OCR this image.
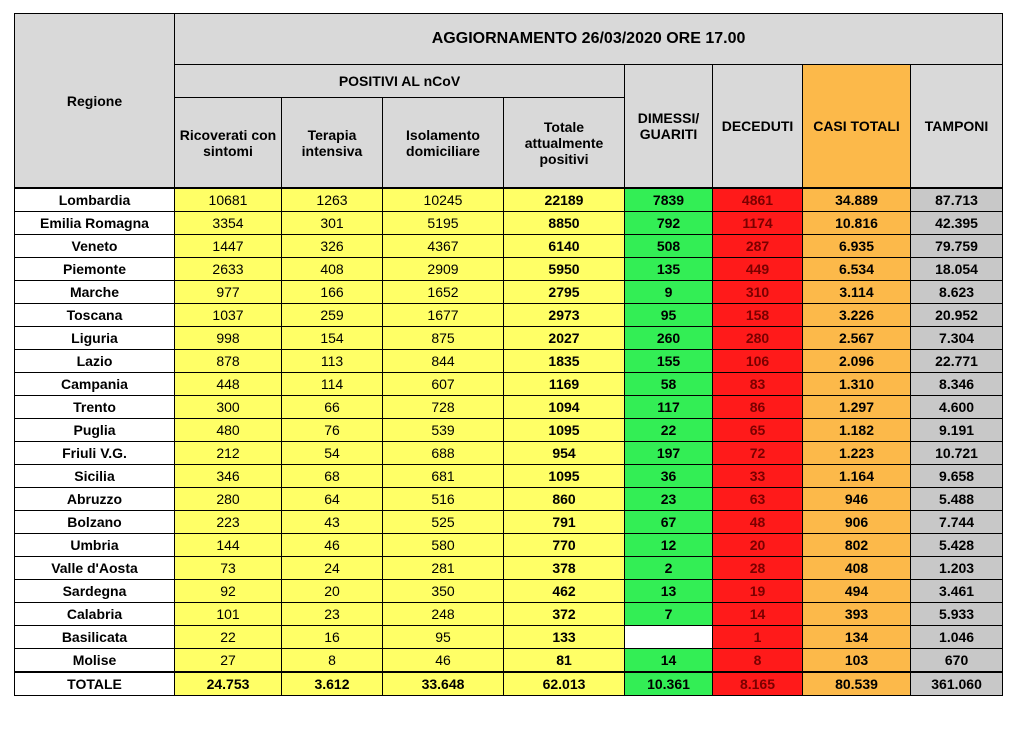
Regione	AGGIORNAMENTO 26/03/2020 ORE 17.00							
	POSITIVI AL nCoV				DIMESSI/ GUARITI	DECEDUTI	CASI TOTALI	TAMPONI
	Ricoverati con sintomi	Terapia intensiva	Isolamento domiciliare	Totale attualmente positivi				
Lombardia	10681	1263	10245	22189	7839	4861	34.889	87.713
Emilia Romagna	3354	301	5195	8850	792	1174	10.816	42.395
Veneto	1447	326	4367	6140	508	287	6.935	79.759
Piemonte	2633	408	2909	5950	135	449	6.534	18.054
Marche	977	166	1652	2795	9	310	3.114	8.623
Toscana	1037	259	1677	2973	95	158	3.226	20.952
Liguria	998	154	875	2027	260	280	2.567	7.304
Lazio	878	113	844	1835	155	106	2.096	22.771
Campania	448	114	607	1169	58	83	1.310	8.346
Trento	300	66	728	1094	117	86	1.297	4.600
Puglia	480	76	539	1095	22	65	1.182	9.191
Friuli V.G.	212	54	688	954	197	72	1.223	10.721
Sicilia	346	68	681	1095	36	33	1.164	9.658
Abruzzo	280	64	516	860	23	63	946	5.488
Bolzano	223	43	525	791	67	48	906	7.744
Umbria	144	46	580	770	12	20	802	5.428
Valle d'Aosta	73	24	281	378	2	28	408	1.203
Sardegna	92	20	350	462	13	19	494	3.461
Calabria	101	23	248	372	7	14	393	5.933
Basilicata	22	16	95	133		1	134	1.046
Molise	27	8	46	81	14	8	103	670
TOTALE	24.753	3.612	33.648	62.013	10.361	8.165	80.539	361.060
